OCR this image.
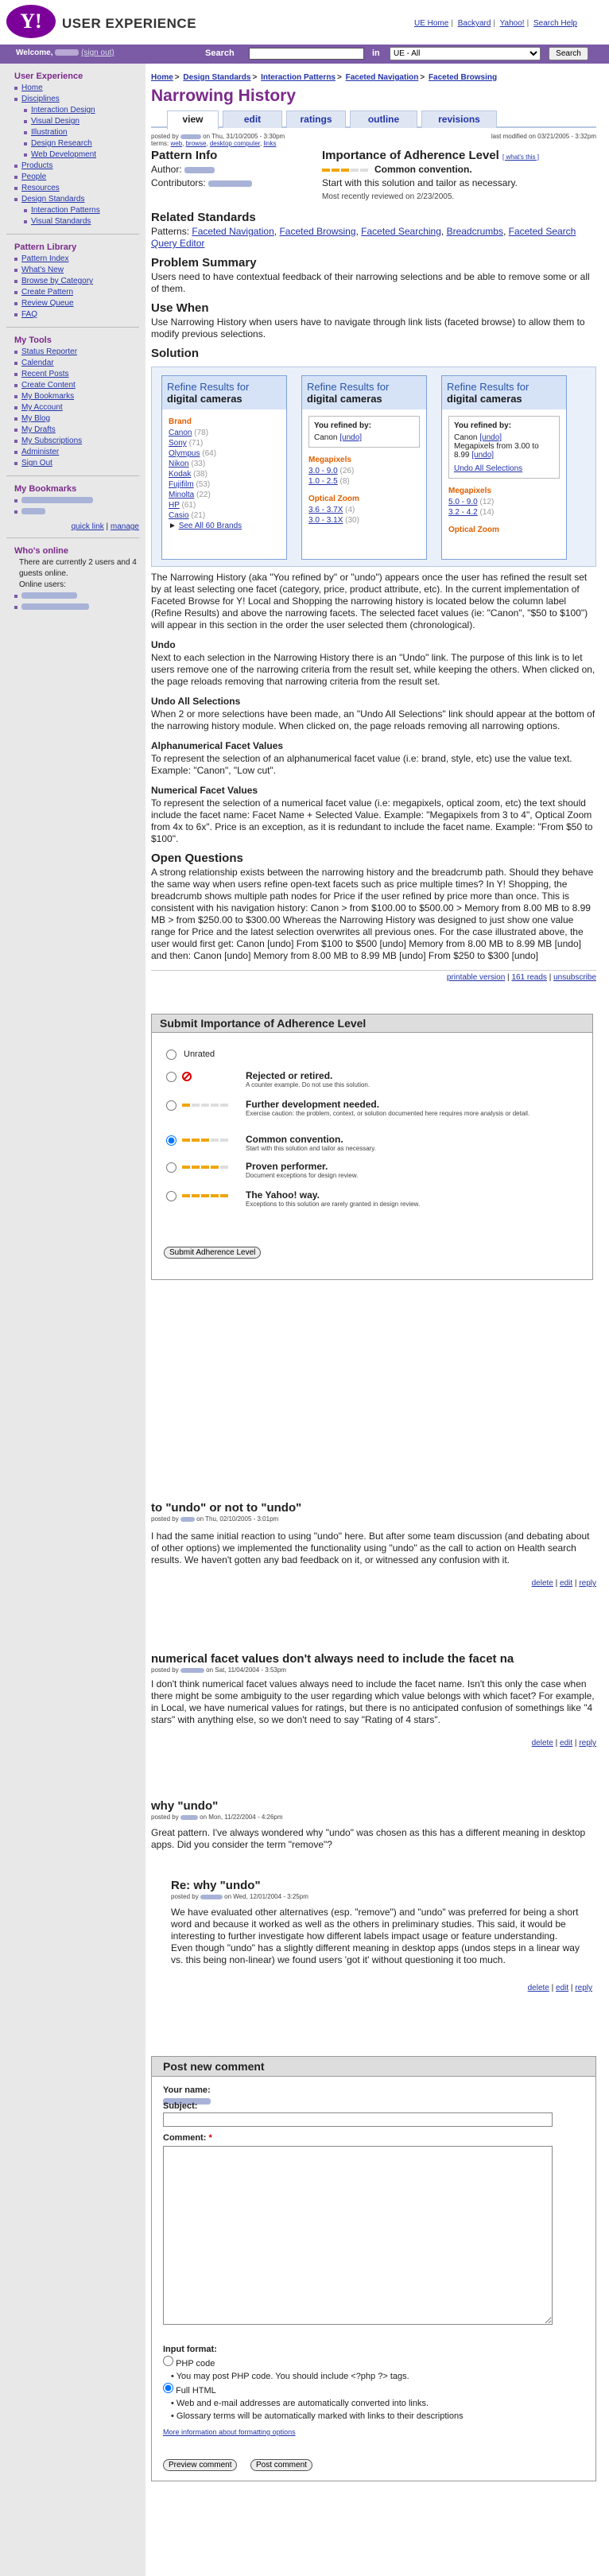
Y!	USER EXPERIENCE	UE Home | Backyard | Yahoo! | Search Help
Welcome,	(sign out)	Search	in
UE - All	Search
User Experience
Home
Disciplines
Interaction Design
Visual Design
Illustration
Design Research
Web Development
Products
People
Resources
Design Standards
Interaction Patterns
Visual Standards
Pattern Library
Pattern Index
What's New
Browse by Category
Create Pattern
Review Queue
FAQ
My Tools
Status Reporter
Calendar
Recent Posts
Create Content
My Bookmarks
My Account
My Blog
My Drafts
My Subscriptions
Administer
Sign Out
My Bookmarks
quick link | manage
Who's online
There are currently 2 users and 4 guests online.
Online users:
Home > Design Standards > Interaction Patterns > Faceted Navigation > Faceted Browsing
Narrowing History
view	edit	ratings	outline	revisions
posted by	on Thu, 31/10/2005 - 3:30pm
terms: web, browse, desktop computer, links
last modified on 03/21/2005 - 3:32pm
Pattern Info
Author:
Contributors:
Importance of Adherence Level [ what's this ]
Common convention.
Start with this solution and tailor as necessary.
Most recently reviewed on 2/23/2005.
Related Standards
Patterns: Faceted Navigation, Faceted Browsing, Faceted Searching, Breadcrumbs, Faceted Search Query Editor
Problem Summary

Users need to have contextual feedback of their narrowing selections and be able to remove some or all of them.

Use When

Use Narrowing History when users have to navigate through link lists (faceted browse) to allow them to modify previous selections.

Solution
Refine Results for
digital cameras
Brand
Canon (78)
Sony (71)
Olympus (64)
Nikon (33)
Kodak (38)
Fujifilm (53)
Minolta (22)
HP (61)
Casio (21)
► See All 60 Brands
Refine Results for
digital cameras
You refined by:
Canon [undo]
Megapixels
3.0 - 9.0 (26)
1.0 - 2.5 (8)
Optical Zoom
3.6 - 3.7X (4)
3.0 - 3.1X (30)
Refine Results for
digital cameras
You refined by:
Canon [undo]
Megapixels from 3.00 to 8.99 [undo]
Undo All Selections
Megapixels
5.0 - 9.0 (12)
3.2 - 4.2 (14)
Optical Zoom

The Narrowing History (aka "You refined by" or "undo") appears once the user has refined the result set by at least selecting one facet (category, price, product attribute, etc). In the current implementation of Faceted Browse for Y! Local and Shopping the narrowing history is located below the column label (Refine Results) and above the narrowing facets. The selected facet values (ie: "Canon", "$50 to $100") will appear in this section in the order the user selected them (chronological).

Undo

Next to each selection in the Narrowing History there is an "Undo" link. The purpose of this link is to let users remove one of the narrowing criteria from the result set, while keeping the others. When clicked on, the page reloads removing that narrowing criteria from the result set.

Undo All Selections

When 2 or more selections have been made, an "Undo All Selections" link should appear at the bottom of the narrowing history module. When clicked on, the page reloads removing all narrowing options.

Alphanumerical Facet Values

To represent the selection of an alphanumerical facet value (i.e: brand, style, etc) use the value text. Example: "Canon", "Low cut".

Numerical Facet Values

To represent the selection of a numerical facet value (i.e: megapixels, optical zoom, etc) the text should include the facet name: Facet Name + Selected Value. Example: "Megapixels from 3 to 4", Optical Zoom from 4x to 6x". Price is an exception, as it is redundant to include the facet name. Example: "From $50 to $100".

Open Questions

A strong relationship exists between the narrowing history and the breadcrumb path. Should they behave the same way when users refine open-text facets such as price multiple times? In Y! Shopping, the breadcrumb shows multiple path nodes for Price if the user refined by price more than once. This is consistent with his navigation history: Canon > from $100.00 to $500.00 > Memory from 8.00 MB to 8.99 MB > from $250.00 to $300.00 Whereas the Narrowing History was designed to just show one value range for Price and the latest selection overwrites all previous ones. For the case illustrated above, the user would first get: Canon [undo] From $100 to $500 [undo] Memory from 8.00 MB to 8.99 MB [undo] and then: Canon [undo] Memory from 8.00 MB to 8.99 MB [undo] From $250 to $300 [undo]

printable version | 161 reads | unsubscribe
Submit Importance of Adherence Level
Unrated
Rejected or retired.
A counter example. Do not use this solution.
Further development needed.
Exercise caution: the problem, context, or solution documented here requires more analysis or detail.
Common convention.
Start with this solution and tailor as necessary.
Proven performer.
Document exceptions for design review.
The Yahoo! way.
Exceptions to this solution are rarely granted in design review.
Submit Adherence Level
to "undo" or not to "undo"
posted by	on Thu, 02/10/2005 - 3:01pm

I had the same initial reaction to using "undo" here. But after some team discussion (and debating about of other options) we implemented the functionality using "undo" as the call to action on Health search results. We haven't gotten any bad feedback on it, or witnessed any confusion with it.

delete | edit | reply
numerical facet values don't always need to include the facet na
posted by	on Sat, 11/04/2004 - 3:53pm

I don't think numerical facet values always need to include the facet name. Isn't this only the case when there might be some ambiguity to the user regarding which value belongs with which facet? For example, in Local, we have numerical values for ratings, but there is no anticipated confusion of somethings like "4 stars" with anything else, so we don't need to say "Rating of 4 stars".

delete | edit | reply
why "undo"
posted by	on Mon, 11/22/2004 - 4:26pm

Great pattern. I've always wondered why "undo" was chosen as this has a different meaning in desktop apps. Did you consider the term "remove"?

Re: why "undo"
posted by	on Wed, 12/01/2004 - 3:25pm

We have evaluated other alternatives (esp. "remove") and "undo" was preferred for being a short word and because it worked as well as the others in preliminary studies. This said, it would be interesting to further investigate how different labels impact usage or feature understanding.
Even though "undo" has a slightly different meaning in desktop apps (undos steps in a linear way vs. this being non-linear) we found users 'got it' without questioning it too much.

delete | edit | reply
Post new comment
Your name:
Subject:
Comment: *
Input format:
PHP code
• You may post PHP code. You should include <?php ?> tags.
Full HTML
• Web and e-mail addresses are automatically converted into links.
• Glossary terms will be automatically marked with links to their descriptions
More information about formatting options
Preview comment	Post comment
